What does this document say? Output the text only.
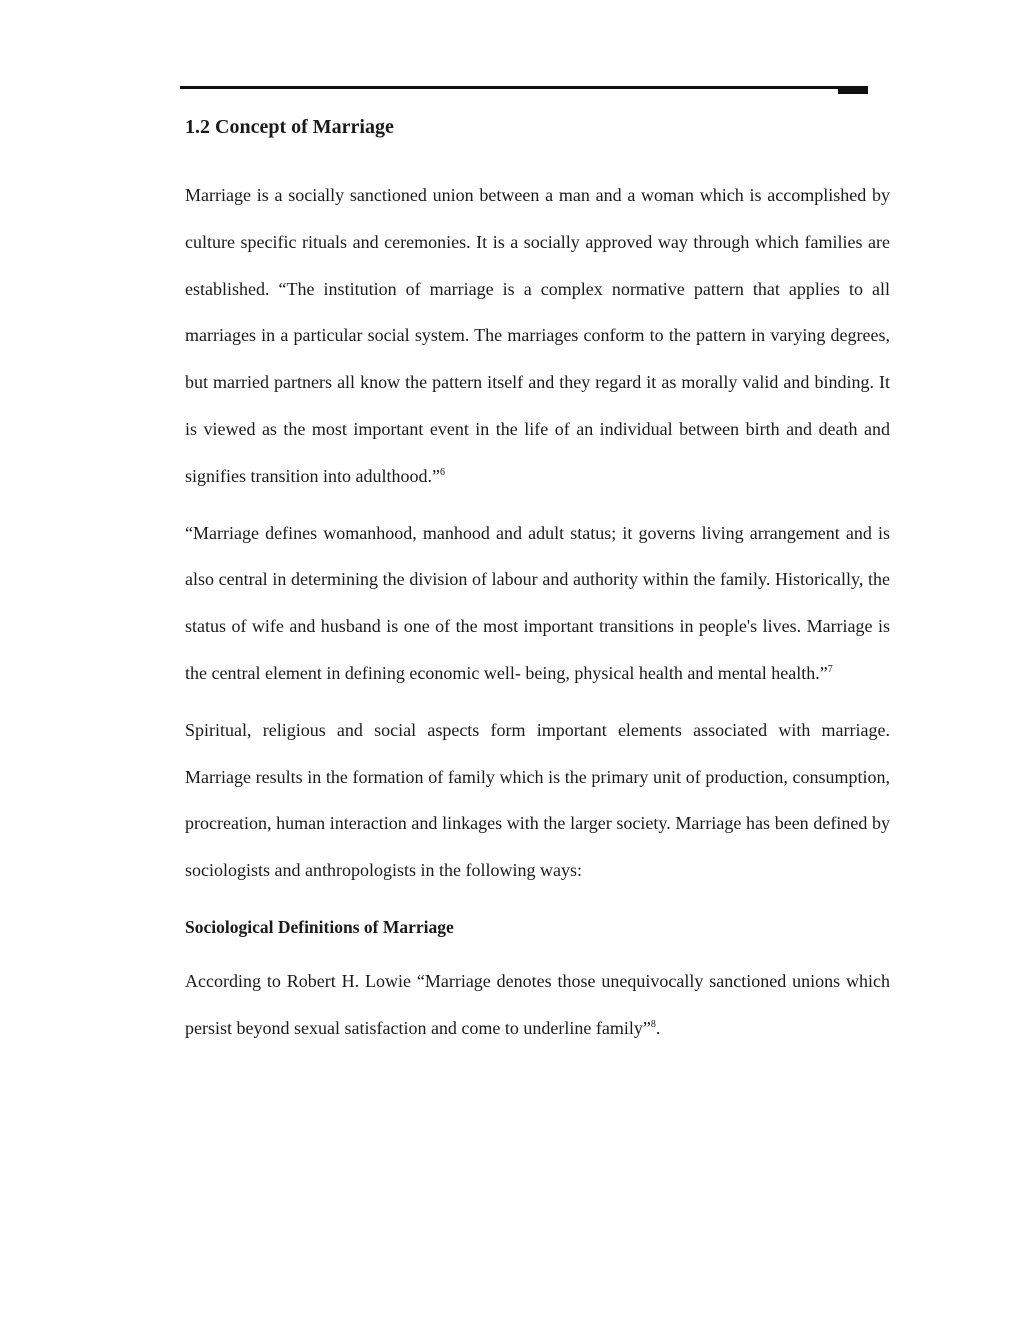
1.2 Concept of Marriage

Marriage is a socially sanctioned union between a man and a woman which is accomplished by culture specific rituals and ceremonies. It is a socially approved way through which families are established. “The institution of marriage is a complex normative pattern that applies to all marriages in a particular social system. The marriages conform to the pattern in varying degrees, but married partners all know the pattern itself and they regard it as morally valid and binding. It is viewed as the most important event in the life of an individual between birth and death and signifies transition into adulthood.”$^6$

“Marriage defines womanhood, manhood and adult status; it governs living arrangement and is also central in determining the division of labour and authority within the family. Historically, the status of wife and husband is one of the most important transitions in people's lives. Marriage is the central element in defining economic well- being, physical health and mental health.”$^7$

Spiritual, religious and social aspects form important elements associated with marriage. Marriage results in the formation of family which is the primary unit of production, consumption, procreation, human interaction and linkages with the larger society. Marriage has been defined by sociologists and anthropologists in the following ways:

Sociological Definitions of Marriage

According to Robert H. Lowie “Marriage denotes those unequivocally sanctioned unions which persist beyond sexual satisfaction and come to underline family”$^8$.
